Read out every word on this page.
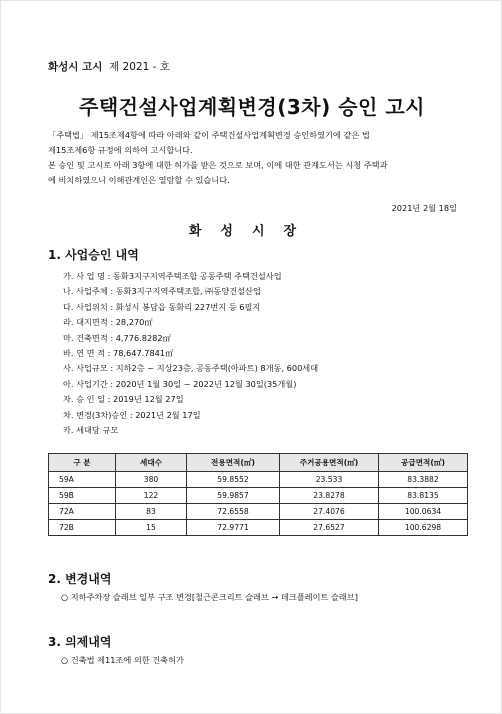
화성시 고시 제 2021 - 호
주택건설사업계획변경(3차) 승인 고시

「주택법」 제15조제4항에 따라 아래와 같이 주택건설사업계획변경 승인하였기에 같은 법

제15조제6항 규정에 의하여 고시합니다.

본 승인 및 고시로 아래 3항에 대한 허가를 받은 것으로 보며, 이에 대한 관계도서는 시청 주택과

에 비치하였으니 이해관계인은 열람할 수 있습니다.

2021년 2월 18일
화성시장
1. 사업승인 내역
가. 사 업 명 : 동화3지구지역주택조합 공동주택 주택건설사업
나. 사업주체 : 동화3지구지역주택조합, ㈜동양건설산업
다. 사업위치 : 화성시 봉담읍 동화리 227번지 등 6필지
라. 대지면적 : 28,270㎡
마. 건축면적 : 4,776.8282㎡
바. 연 면 적 : 78,647.7841㎡
사. 사업규모 : 지하2층 ~ 지상23층, 공동주택(아파트) 8개동, 600세대
아. 사업기간 : 2020년 1월 30일 ~ 2022년 12월 30일(35개월)
자. 승 인 일 : 2019년 12월 27일
차. 변경(3차)승인 : 2021년 2월 17일
카. 세대당 규모
구 분	세대수	전용면적(㎡)	주거공용면적(㎡)	공급면적(㎡)
59A	380	59.8552	23.533	83.3882
59B	122	59.9857	23.8278	83.8135
72A	83	72.6558	27.4076	100.0634
72B	15	72.9771	27.6527	100.6298
2. 변경내역
○ 지하주차장 슬래브 일부 구조 변경[철근콘크리트 슬래브 → 데크플레이트 슬래브]
3. 의제내역
○ 건축법 제11조에 의한 건축허가
